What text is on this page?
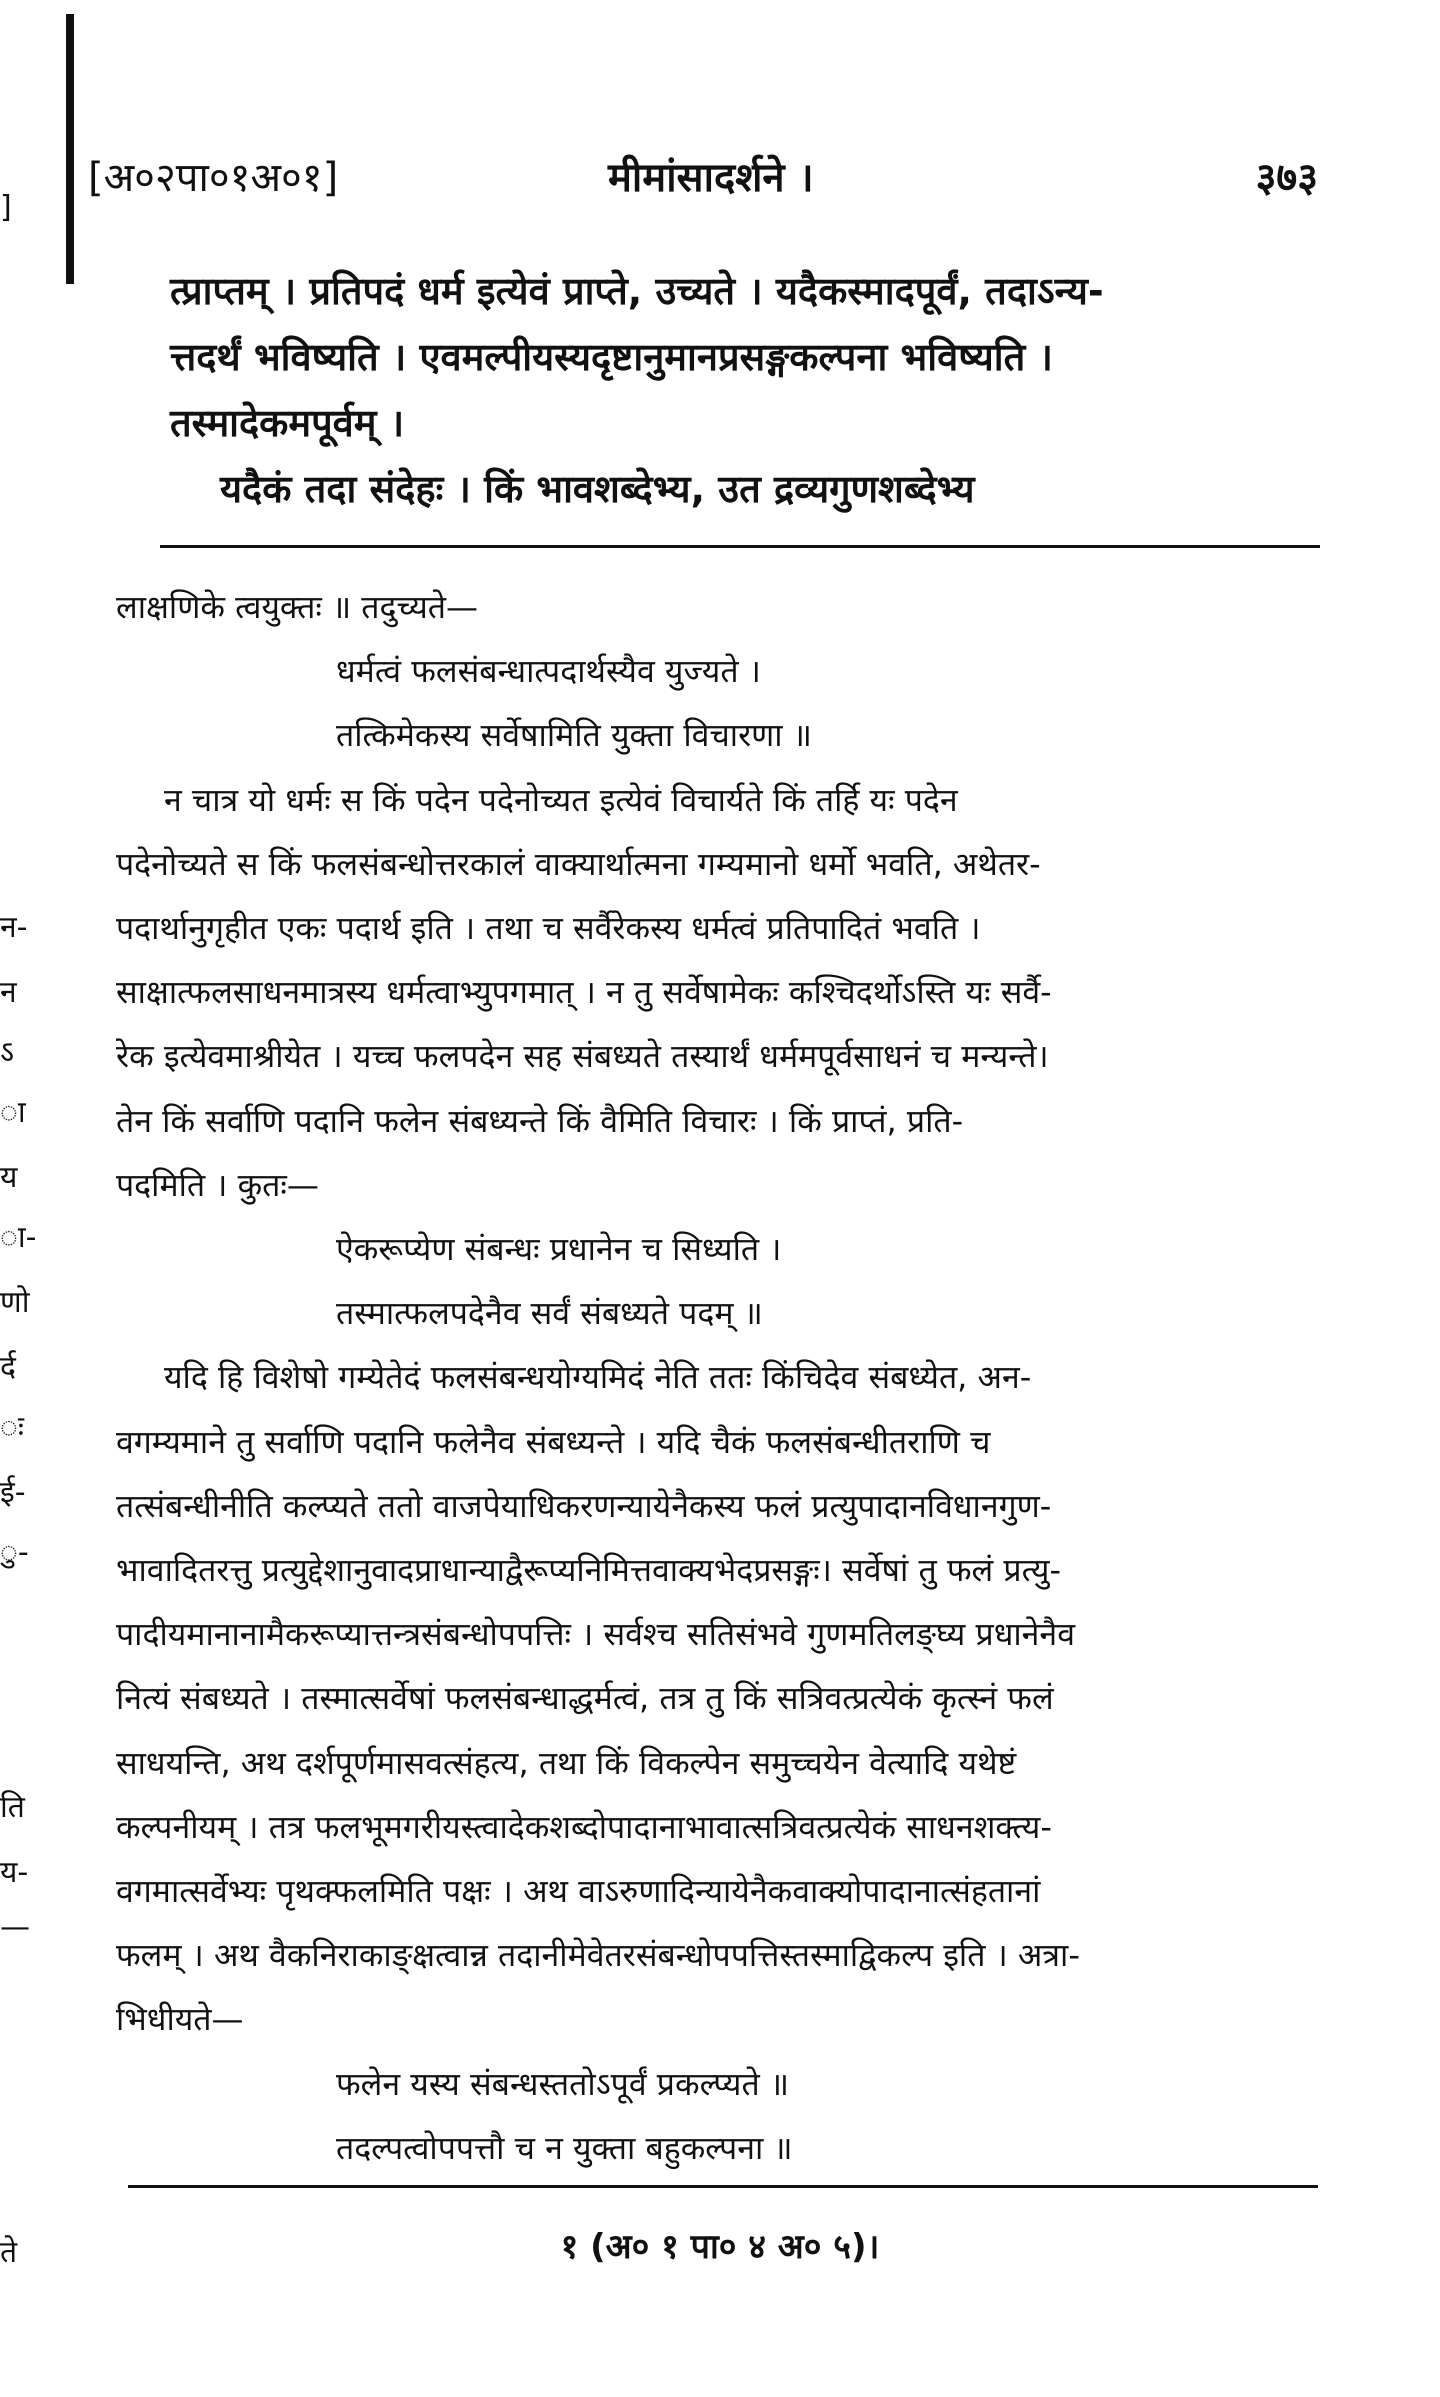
]
न-
न
ऽ
ा
य
ा-
णो
र्द
ः
ई-
ु-
ति
य-
—
ते
[अ०२पा०१अ०१]	मीमांसादर्शने ।	३७३
त्प्राप्तम् । प्रतिपदं धर्म इत्येवं प्राप्ते, उच्यते । यदैकस्मादपूर्वं, तदाऽन्य-
त्तदर्थं भविष्यति । एवमल्पीयस्यदृष्टानुमानप्रसङ्गकल्पना भविष्यति ।
तस्मादेकमपूर्वम् ।
यदैकं तदा संदेहः । किं भावशब्देभ्य, उत द्रव्यगुणशब्देभ्य
लाक्षणिके त्वयुक्तः ॥ तदुच्यते—
धर्मत्वं फलसंबन्धात्पदार्थस्यैव युज्यते ।
तत्किमेकस्य सर्वेषामिति युक्ता विचारणा ॥
न चात्र यो धर्मः स किं पदेन पदेनोच्यत इत्येवं विचार्यते किं तर्हि यः पदेन
पदेनोच्यते स किं फलसंबन्धोत्तरकालं वाक्यार्थात्मना गम्यमानो धर्मो भवति, अथेतर-
पदार्थानुगृहीत एकः पदार्थ इति । तथा च सर्वैरेकस्य धर्मत्वं प्रतिपादितं भवति ।
साक्षात्फलसाधनमात्रस्य धर्मत्वाभ्युपगमात् । न तु सर्वेषामेकः कश्चिदर्थोऽस्ति यः सर्वै-
रेक इत्येवमाश्रीयेत । यच्च फलपदेन सह संबध्यते तस्यार्थं धर्ममपूर्वसाधनं च मन्यन्ते।
तेन किं सर्वाणि पदानि फलेन संबध्यन्ते किं वैमिति विचारः । किं प्राप्तं, प्रति-
पदमिति । कुतः—
ऐकरूप्येण संबन्धः प्रधानेन च सिध्यति ।
तस्मात्फलपदेनैव सर्वं संबध्यते पदम् ॥
यदि हि विशेषो गम्येतेदं फलसंबन्धयोग्यमिदं नेति ततः किंचिदेव संबध्येत, अन-
वगम्यमाने तु सर्वाणि पदानि फलेनैव संबध्यन्ते । यदि चैकं फलसंबन्धीतराणि च
तत्संबन्धीनीति कल्प्यते ततो वाजपेयाधिकरणन्यायेनैकस्य फलं प्रत्युपादानविधानगुण-
भावादितरत्तु प्रत्युद्देशानुवादप्राधान्याद्वैरूप्यनिमित्तवाक्यभेदप्रसङ्गः। सर्वेषां तु फलं प्रत्यु-
पादीयमानानामैकरूप्यात्तन्त्रसंबन्धोपपत्तिः । सर्वश्च सतिसंभवे गुणमतिलङ्घ्य प्रधानेनैव
नित्यं संबध्यते । तस्मात्सर्वेषां फलसंबन्धाद्धर्मत्वं, तत्र तु किं सत्रिवत्प्रत्येकं कृत्स्नं फलं
साधयन्ति, अथ दर्शपूर्णमासवत्संहत्य, तथा किं विकल्पेन समुच्चयेन वेत्यादि यथेष्टं
कल्पनीयम् । तत्र फलभूमगरीयस्त्वादेकशब्दोपादानाभावात्सत्रिवत्प्रत्येकं साधनशक्त्य-
वगमात्सर्वेभ्यः पृथक्फलमिति पक्षः । अथ वाऽरुणादिन्यायेनैकवाक्योपादानात्संहतानां
फलम् । अथ वैकनिराकाङ्क्षत्वान्न तदानीमेवेतरसंबन्धोपपत्तिस्तस्माद्विकल्प इति । अत्रा-
भिधीयते—
फलेन यस्य संबन्धस्ततोऽपूर्वं प्रकल्प्यते ॥
तदल्पत्वोपपत्तौ च न युक्ता बहुकल्पना ॥
१ (अ० १ पा० ४ अ० ५)।
